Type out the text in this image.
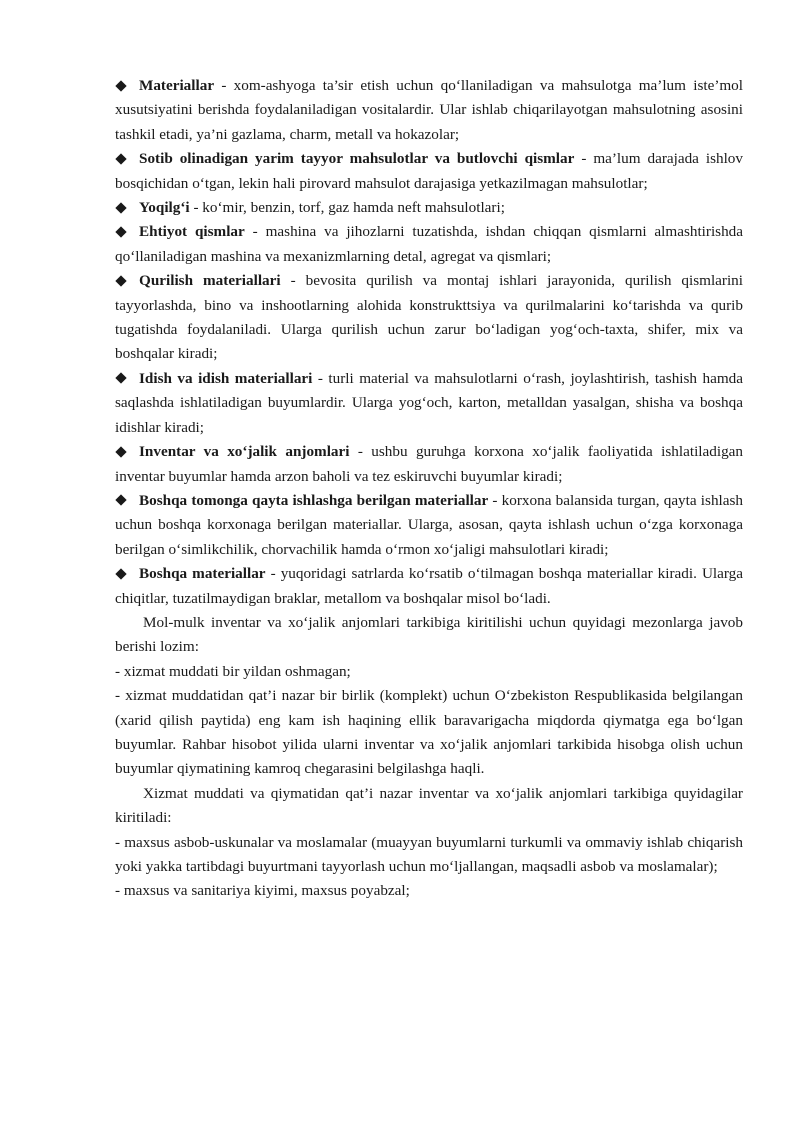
Materiallar - xom-ashyoga ta’sir etish uchun qo‘llaniladigan va mahsulotga ma’lum iste’mol xusutsiyatini berishda foydalaniladigan vositalardir. Ular ishlab chiqarilayotgan mahsulotning asosini tashkil etadi, ya’ni gazlama, charm, metall va hokazolar;

Sotib olinadigan yarim tayyor mahsulotlar va butlovchi qismlar - ma’lum darajada ishlov bosqichidan o‘tgan, lekin hali pirovard mahsulot darajasiga yetkazilmagan mahsulotlar;

Yoqilg‘i - ko‘mir, benzin, torf, gaz hamda neft mahsulotlari;

Ehtiyot qismlar - mashina va jihozlarni tuzatishda, ishdan chiqqan qismlarni almashtirishda qo‘llaniladigan mashina va mexanizmlarning detal, agregat va qismlari;

Qurilish materiallari - bevosita qurilish va montaj ishlari jarayonida, qurilish qismlarini tayyorlashda, bino va inshootlarning alohida konstrukttsiya va qurilmalarini ko‘tarishda va qurib tugatishda foydalaniladi. Ularga qurilish uchun zarur bo‘ladigan yog‘och-taxta, shifer, mix va boshqalar kiradi;

Idish va idish materiallari - turli material va mahsulotlarni o‘rash, joylashtirish, tashish hamda saqlashda ishlatiladigan buyumlardir. Ularga yog‘och, karton, metalldan yasalgan, shisha va boshqa idishlar kiradi;

Inventar va xo‘jalik anjomlari - ushbu guruhga korxona xo‘jalik faoliyatida ishlatiladigan inventar buyumlar hamda arzon baholi va tez eskiruvchi buyumlar kiradi;

Boshqa tomonga qayta ishlashga berilgan materiallar - korxona balansida turgan, qayta ishlash uchun boshqa korxonaga berilgan materiallar. Ularga, asosan, qayta ishlash uchun o‘zga korxonaga berilgan o‘simlikchilik, chorvachilik hamda o‘rmon xo‘jaligi mahsulotlari kiradi;

Boshqa materiallar - yuqoridagi satrlarda ko‘rsatib o‘tilmagan boshqa materiallar kiradi. Ularga chiqitlar, tuzatilmaydigan braklar, metallom va boshqalar misol bo‘ladi.

Mol-mulk inventar va xo‘jalik anjomlari tarkibiga kiritilishi uchun quyidagi mezonlarga javob berishi lozim:

- xizmat muddati bir yildan oshmagan;

- xizmat muddatidan qat’i nazar bir birlik (komplekt) uchun O‘zbekiston Respublikasida belgilangan (xarid qilish paytida) eng kam ish haqining ellik baravarigacha miqdorda qiymatga ega bo‘lgan buyumlar. Rahbar hisobot yilida ularni inventar va xo‘jalik anjomlari tarkibida hisobga olish uchun buyumlar qiymatining kamroq chegarasini belgilashga haqli.

Xizmat muddati va qiymatidan qat’i nazar inventar va xo‘jalik anjomlari tarkibiga quyidagilar kiritiladi:

- maxsus asbob-uskunalar va moslamalar (muayyan buyumlarni turkumli va ommaviy ishlab chiqarish yoki yakka tartibdagi buyurtmani tayyorlash uchun mo‘ljallangan, maqsadli asbob va moslamalar);

- maxsus va sanitariya kiyimi, maxsus poyabzal;
